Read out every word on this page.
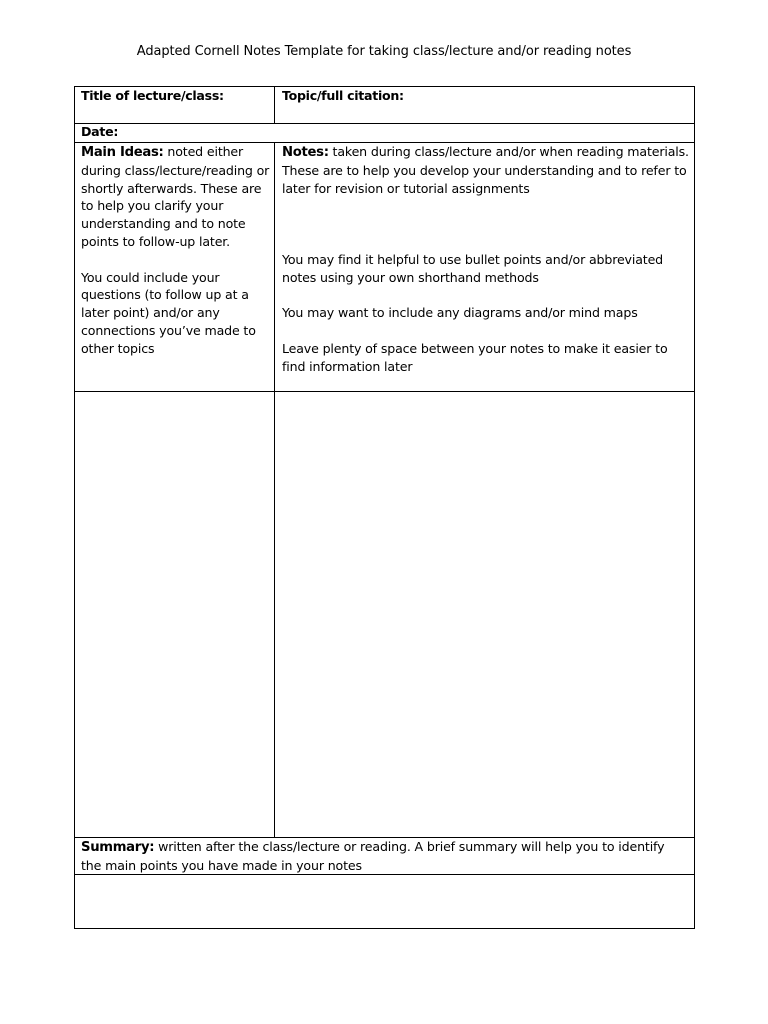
Adapted Cornell Notes Template for taking class/lecture and/or reading notes
Title of lecture/class:	Topic/full citation:
Date:

Main Ideas: noted either during class/lecture/reading or shortly afterwards. These are to help you clarify your understanding and to note points to follow-up later.

You could include your questions (to follow up at a later point) and/or any connections you’ve made to other topics

Notes: taken during class/lecture and/or when reading materials. These are to help you develop your understanding and to refer to later for revision or tutorial assignments

You may find it helpful to use bullet points and/or abbreviated notes using your own shorthand methods

You may want to include any diagrams and/or mind maps

Leave plenty of space between your notes to make it easier to find information later

Summary: written after the class/lecture or reading. A brief summary will help you to identify the main points you have made in your notes
